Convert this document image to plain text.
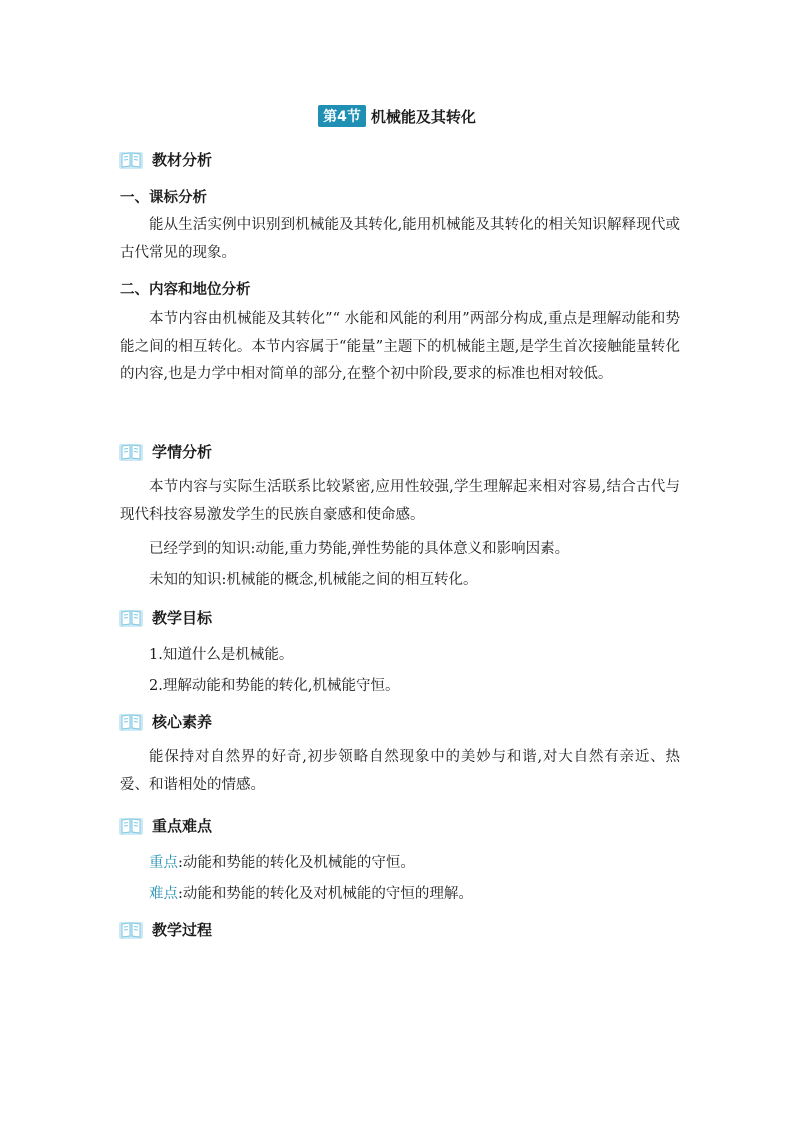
第4节 机械能及其转化
教材分析
一、课标分析

能从生活实例中识别到机械能及其转化,能用机械能及其转化的相关知识解释现代或古代常见的现象。

二、内容和地位分析

本节内容由机械能及其转化”“ 水能和风能的利用”两部分构成,重点是理解动能和势能之间的相互转化。本节内容属于“能量”主题下的机械能主题,是学生首次接触能量转化的内容,也是力学中相对简单的部分,在整个初中阶段,要求的标准也相对较低。

学情分析

本节内容与实际生活联系比较紧密,应用性较强,学生理解起来相对容易,结合古代与现代科技容易激发学生的民族自豪感和使命感。

已经学到的知识:动能,重力势能,弹性势能的具体意义和影响因素。

未知的知识:机械能的概念,机械能之间的相互转化。

教学目标

1.知道什么是机械能。

2.理解动能和势能的转化,机械能守恒。

核心素养

能保持对自然界的好奇,初步领略自然现象中的美妙与和谐,对大自然有亲近、热爱、和谐相处的情感。

重点难点

重点:动能和势能的转化及机械能的守恒。

难点:动能和势能的转化及对机械能的守恒的理解。

教学过程
